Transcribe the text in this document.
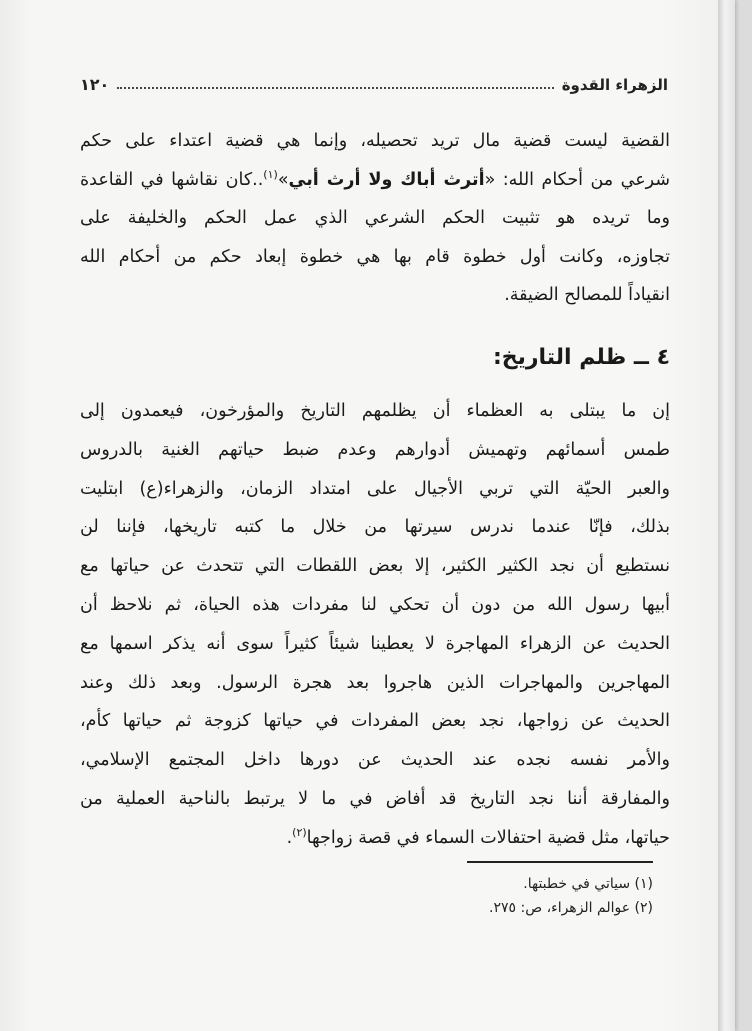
الزهراء القدوة
١٢٠
القضية ليست قضية مال تريد تحصيله، وإنما هي قضية اعتداء على حكم
شرعي من أحكام الله: «أترث أباك ولا أرث أبي»$^{(١)}$..كان نقاشها في القاعدة
وما تريده هو تثبيت الحكم الشرعي الذي عمل الحكم والخليفة على
تجاوزه، وكانت أول خطوة قام بها هي خطوة إبعاد حكم من أحكام الله
انقياداً للمصالح الضيقة.
٤ ــ ظلم التاريخ:
إن ما يبتلى به العظماء أن يظلمهم التاريخ والمؤرخون، فيعمدون إلى
طمس أسمائهم وتهميش أدوارهم وعدم ضبط حياتهم الغنية بالدروس
والعبر الحيّة التي تربي الأجيال على امتداد الزمان، والزهراء(ع) ابتليت
بذلك، فإنّا عندما ندرس سيرتها من خلال ما كتبه تاريخها، فإننا لن
نستطيع أن نجد الكثير الكثير، إلا بعض اللقطات التي تتحدث عن حياتها مع
أبيها رسول الله من دون أن تحكي لنا مفردات هذه الحياة، ثم نلاحظ أن
الحديث عن الزهراء المهاجرة لا يعطينا شيئاً كثيراً سوى أنه يذكر اسمها مع
المهاجرين والمهاجرات الذين هاجروا بعد هجرة الرسول. وبعد ذلك وعند
الحديث عن زواجها، نجد بعض المفردات في حياتها كزوجة ثم حياتها كأم،
والأمر نفسه نجده عند الحديث عن دورها داخل المجتمع الإسلامي،
والمفارقة أننا نجد التاريخ قد أفاض في ما لا يرتبط بالناحية العملية من
حياتها، مثل قضية احتفالات السماء في قصة زواجها$^{(٢)}$.
(١) سياتي في خطبتها.
(٢) عوالم الزهراء، ص: ٢٧٥.
